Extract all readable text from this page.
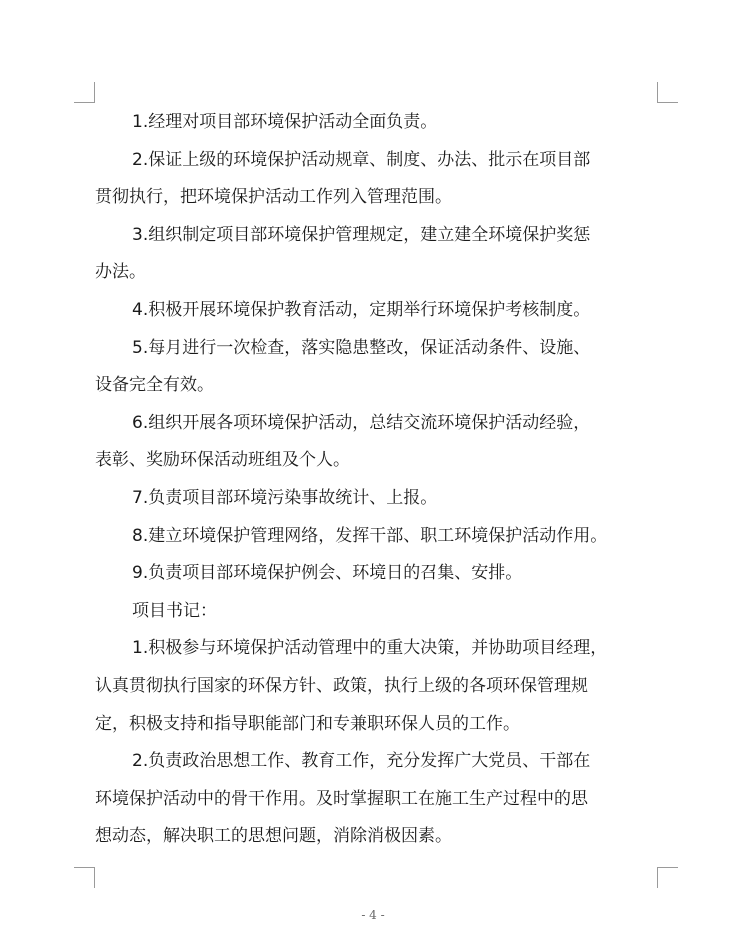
1.经理对项目部环境保护活动全面负责。

2.保证上级的环境保护活动规章、制度、办法、批示在项目部
贯彻执行，把环境保护活动工作列入管理范围。

3.组织制定项目部环境保护管理规定，建立建全环境保护奖惩
办法。

4.积极开展环境保护教育活动，定期举行环境保护考核制度。

5.每月进行一次检查，落实隐患整改，保证活动条件、设施、
设备完全有效。

6.组织开展各项环境保护活动，总结交流环境保护活动经验，
表彰、奖励环保活动班组及个人。

7.负责项目部环境污染事故统计、上报。

8.建立环境保护管理网络，发挥干部、职工环境保护活动作用。

9.负责项目部环境保护例会、环境日的召集、安排。

项目书记：

1.积极参与环境保护活动管理中的重大决策，并协助项目经理，
认真贯彻执行国家的环保方针、政策，执行上级的各项环保管理规
定，积极支持和指导职能部门和专兼职环保人员的工作。

2.负责政治思想工作、教育工作，充分发挥广大党员、干部在
环境保护活动中的骨干作用。及时掌握职工在施工生产过程中的思
想动态，解决职工的思想问题，消除消极因素。

- 4 -
